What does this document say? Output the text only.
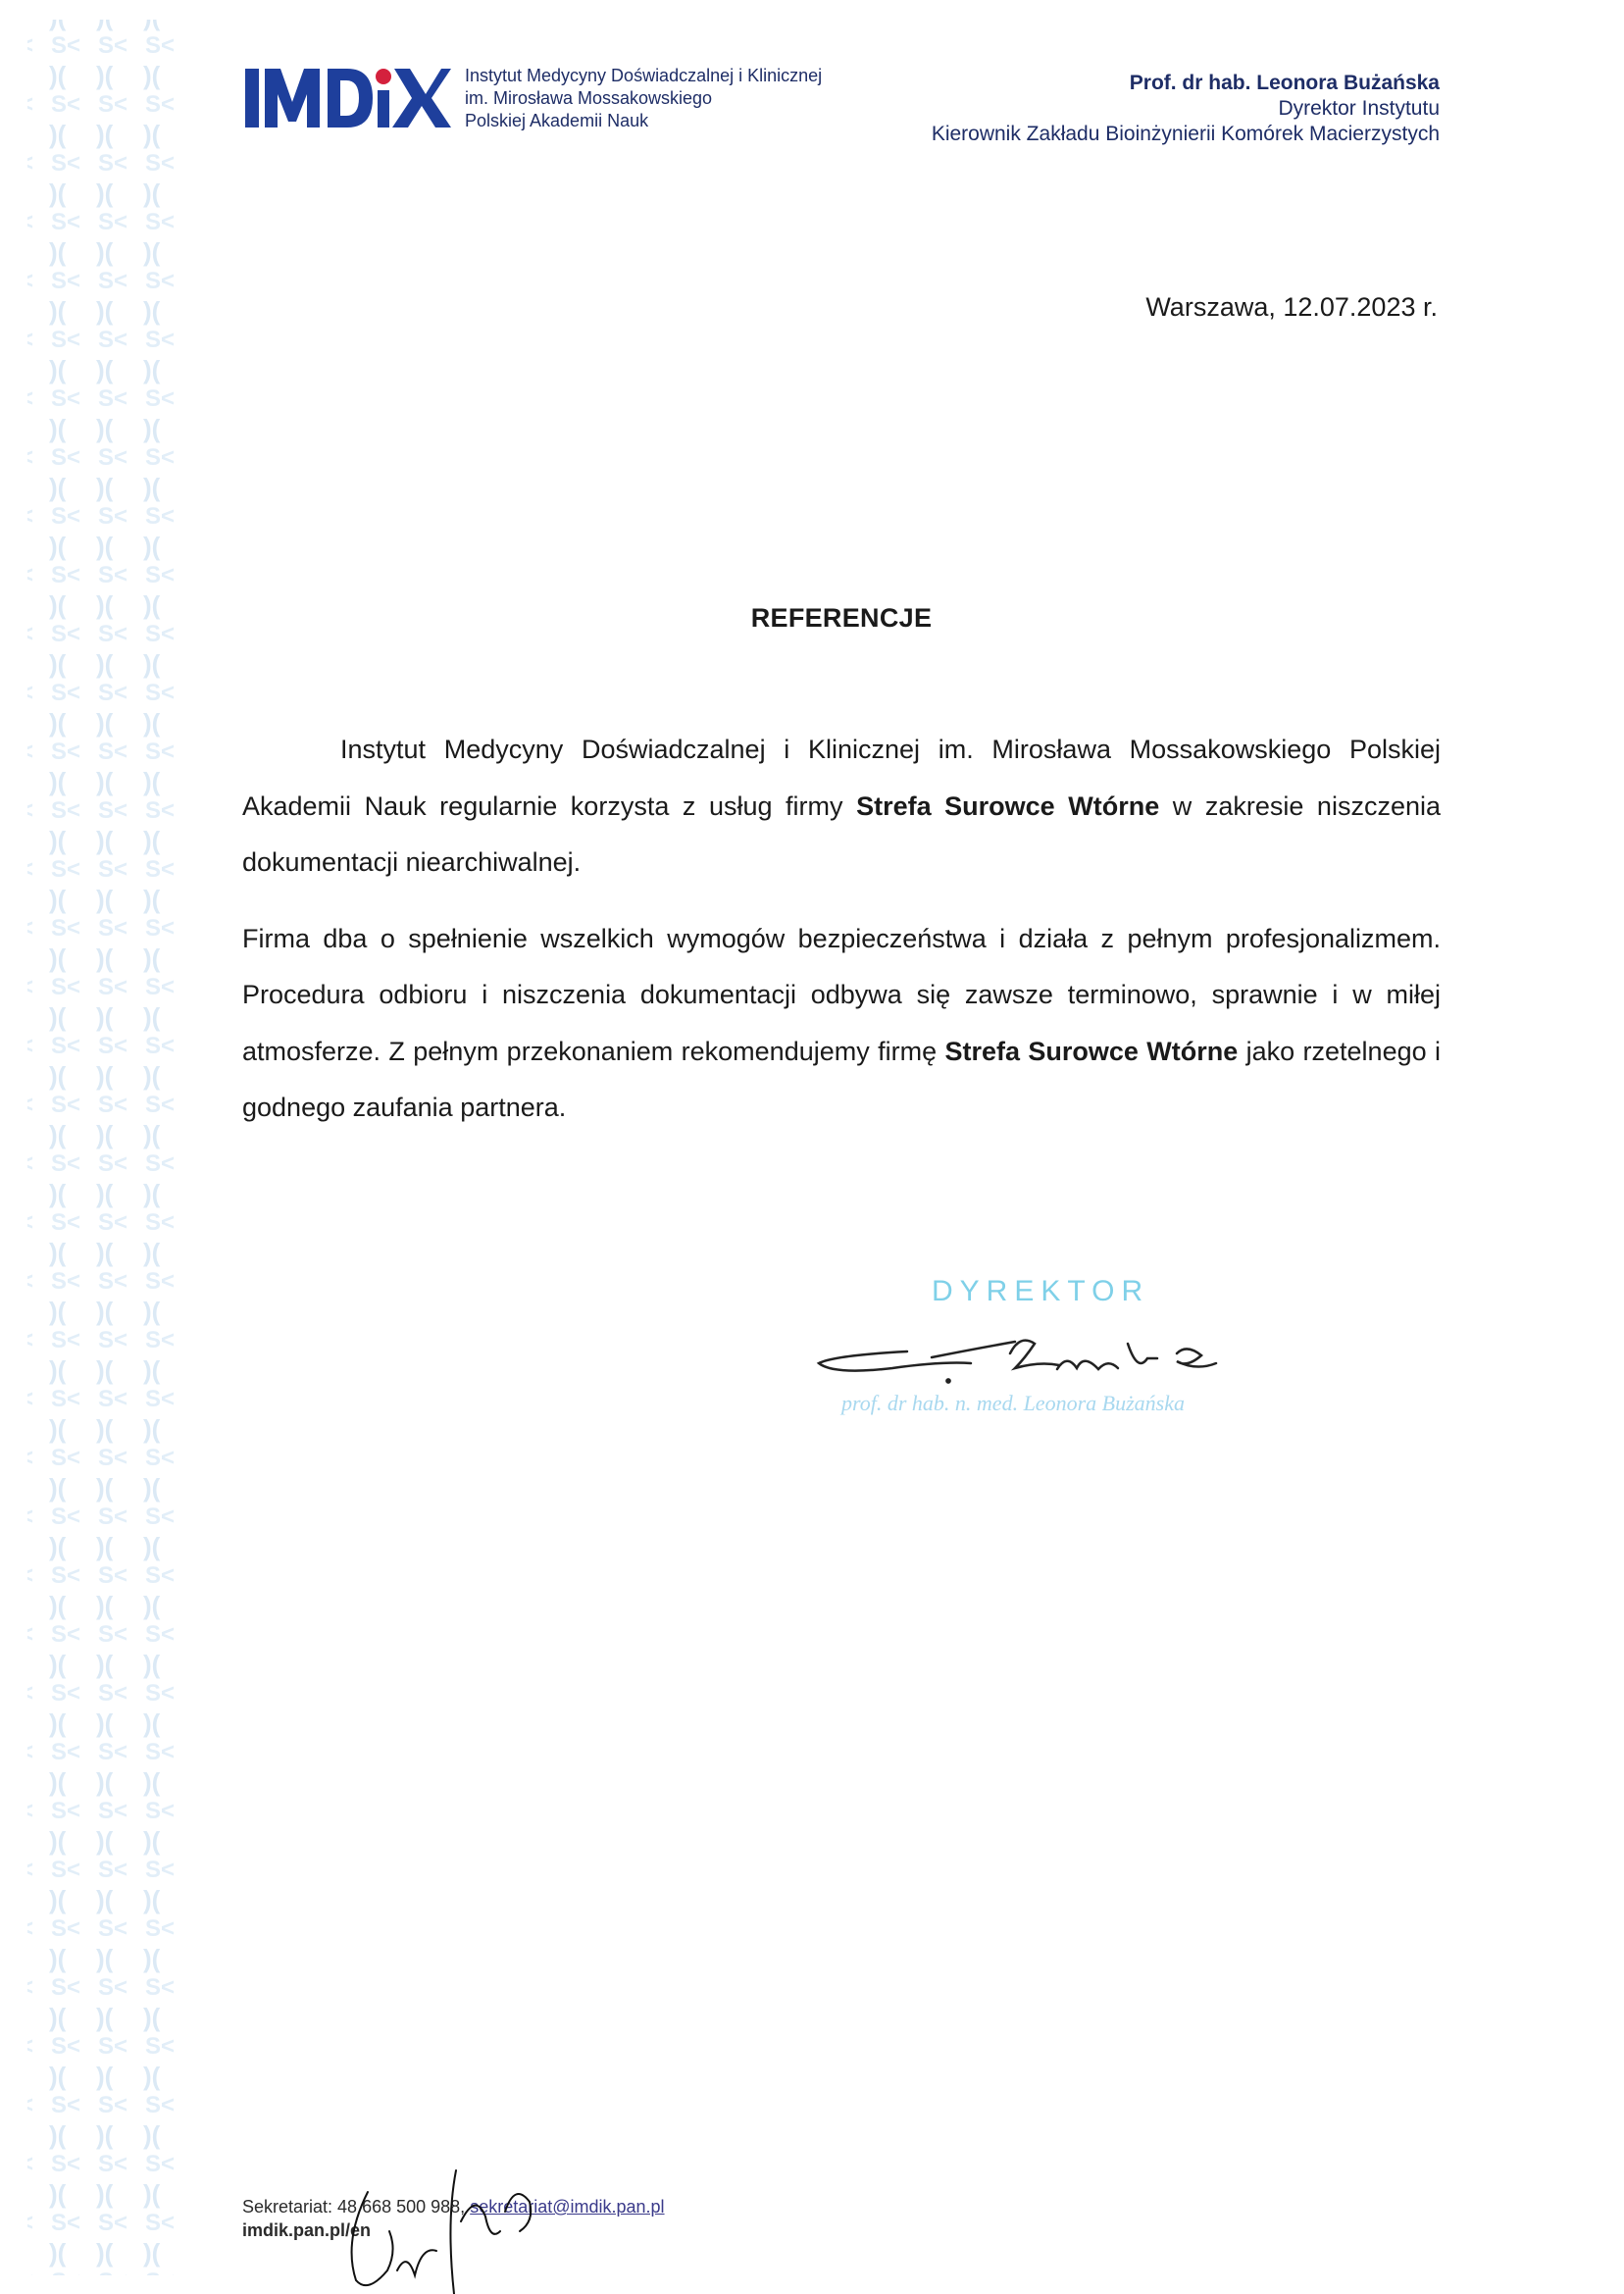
IMDiK
Instytut Medycyny Doświadczalnej i Klinicznej
im. Mirosława Mossakowskiego
Polskiej Akademii Nauk
Prof. dr hab. Leonora Bużańska
Dyrektor Instytutu
Kierownik Zakładu Bioinżynierii Komórek Macierzystych
Warszawa, 12.07.2023 r.
REFERENCJE

Instytut Medycyny Doświadczalnej i Klinicznej im. Mirosława Mossakowskiego Polskiej Akademii Nauk regularnie korzysta z usług firmy Strefa Surowce Wtórne w zakresie niszczenia dokumentacji niearchiwalnej.

Firma dba o spełnienie wszelkich wymogów bezpieczeństwa i działa z pełnym profesjonalizmem. Procedura odbioru i niszczenia dokumentacji odbywa się zawsze terminowo, sprawnie i w miłej atmosferze. Z pełnym przekonaniem rekomendujemy firmę Strefa Surowce Wtórne jako rzetelnego i godnego zaufania partnera.

DYREKTOR
prof. dr hab. n. med. Leonora Bużańska
Sekretariat: 48 668 500 988, sekretariat@imdik.pan.pl
imdik.pan.pl/en
